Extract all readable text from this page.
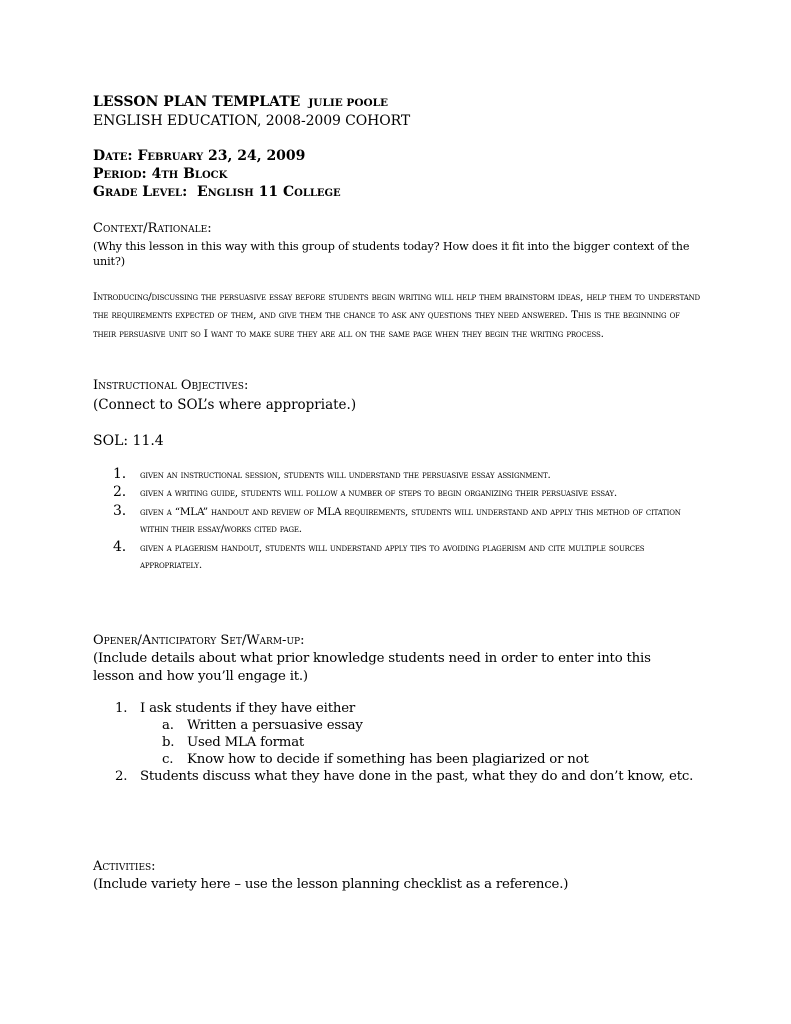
LESSON PLAN TEMPLATE JULIE POOLE
ENGLISH EDUCATION, 2008-2009 COHORT
Date: February 23, 24, 2009
Period: 4th Block
Grade Level: English 11 College
Context/Rationale:
(Why this lesson in this way with this group of students today? How does it fit into the bigger context of the unit?)
Introducing/discussing the persuasive essay before students begin writing will help them brainstorm ideas, help them to understand the requirements expected of them, and give them the chance to ask any questions they need answered. This is the beginning of their persuasive unit so I want to make sure they are all on the same page when they begin the writing process.
Instructional Objectives:
(Connect to SOL’s where appropriate.)
SOL: 11.4
1. given an instructional session, students will understand the persuasive essay assignment.
2. given a writing guide, students will follow a number of steps to begin organizing their persuasive essay.
3. given a “MLA” handout and review of MLA requirements, students will understand and apply this method of citation within their essay/works cited page.
4. given a plagerism handout, students will understand apply tips to avoiding plagerism and cite multiple sources appropriately.
Opener/Anticipatory Set/Warm-up:
(Include details about what prior knowledge students need in order to enter into this lesson and how you’ll engage it.)
1. I ask students if they have either
a. Written a persuasive essay
b. Used MLA format
c. Know how to decide if something has been plagiarized or not
2. Students discuss what they have done in the past, what they do and don’t know, etc.
Activities:
(Include variety here – use the lesson planning checklist as a reference.)
